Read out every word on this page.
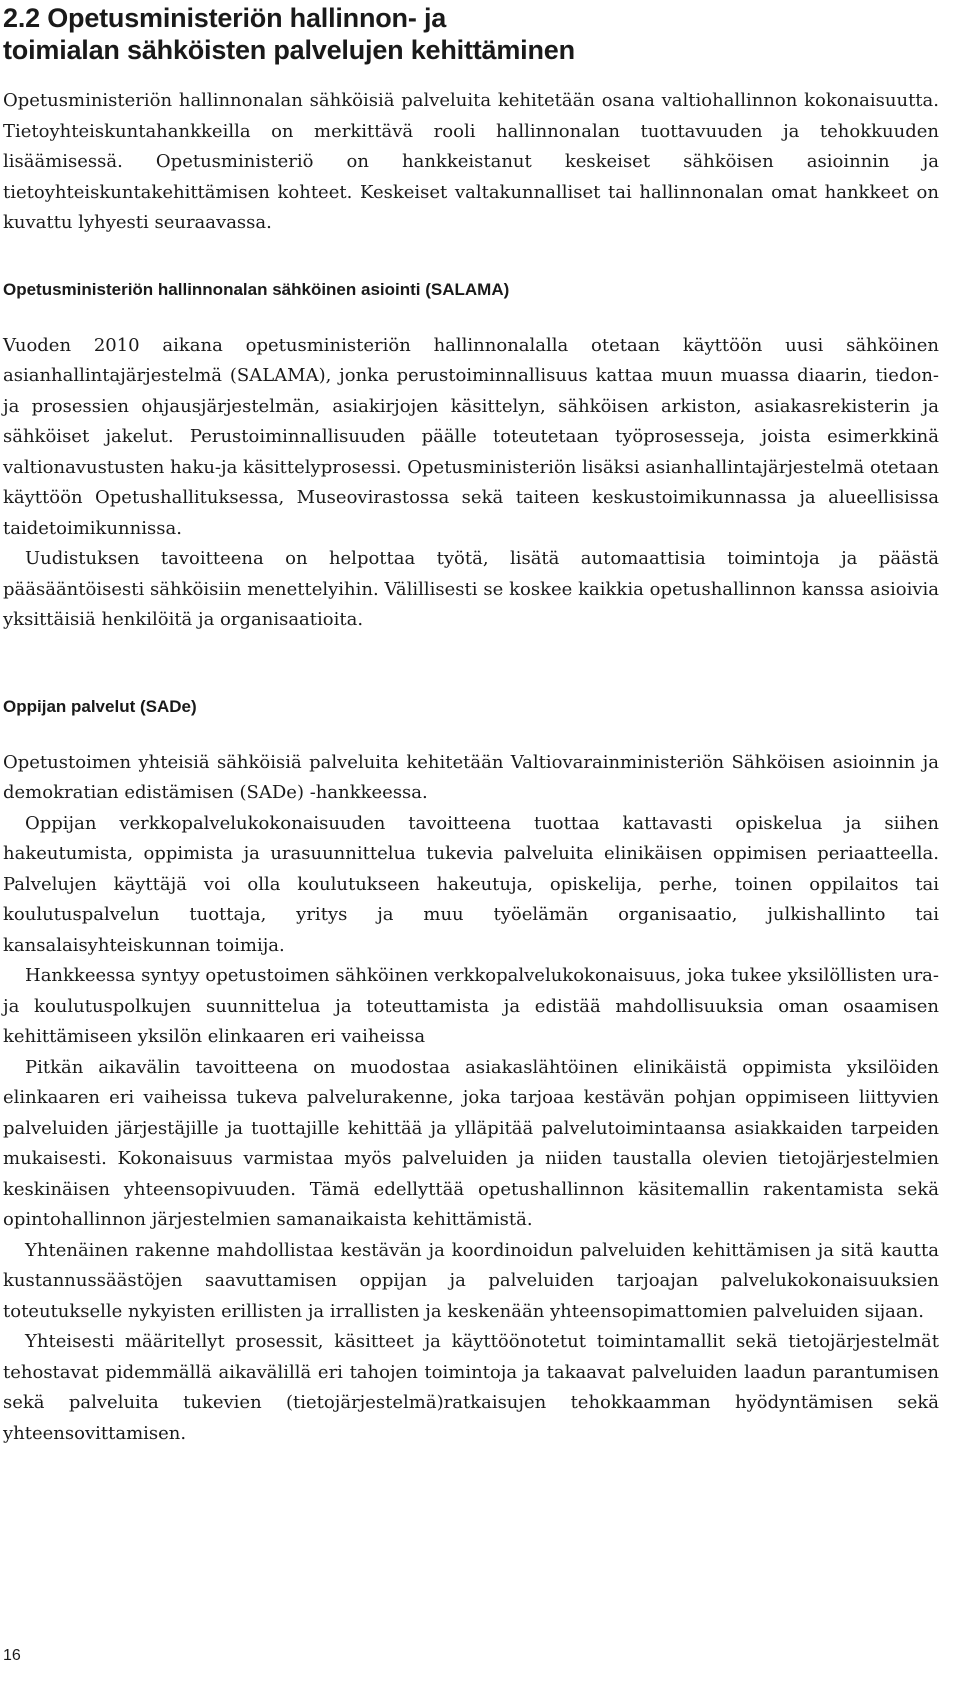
2.2 Opetusministeriön hallinnon- ja
toimialan sähköisten palvelujen kehittäminen

Opetusministeriön hallinnonalan sähköisiä palveluita kehitetään osana valtiohallinnon kokonaisuutta. Tietoyhteiskuntahankkeilla on merkittävä rooli hallinnonalan tuottavuuden ja tehokkuuden lisäämisessä. Opetusministeriö on hankkeistanut keskeiset sähköisen asioinnin ja tietoyhteiskuntakehittämisen kohteet. Keskeiset valtakunnalliset tai hallinnonalan omat hankkeet on kuvattu lyhyesti seuraavassa.

Opetusministeriön hallinnonalan sähköinen asiointi (SALAMA)

Vuoden 2010 aikana opetusministeriön hallinnonalalla otetaan käyttöön uusi sähköinen asianhallintajärjestelmä (SALAMA), jonka perustoiminnallisuus kattaa muun muassa diaarin, tiedon- ja prosessien ohjausjärjestelmän, asiakirjojen käsittelyn, sähköisen arkiston, asiakasrekisterin ja sähköiset jakelut. Perustoiminnallisuuden päälle toteutetaan työprosesseja, joista esimerkkinä valtionavustusten haku-ja käsittelyprosessi. Opetusministeriön lisäksi asianhallintajärjestelmä otetaan käyttöön Opetushallituksessa, Museovirastossa sekä taiteen keskustoimikunnassa ja alueellisissa taidetoimikunnissa.

Uudistuksen tavoitteena on helpottaa työtä, lisätä automaattisia toimintoja ja päästä pääsääntöisesti sähköisiin menettelyihin. Välillisesti se koskee kaikkia opetushallinnon kanssa asioivia yksittäisiä henkilöitä ja organisaatioita.

Oppijan palvelut (SADe)

Opetustoimen yhteisiä sähköisiä palveluita kehitetään Valtiovarainministeriön Sähköisen asioinnin ja demokratian edistämisen (SADe) -hankkeessa.

Oppijan verkkopalvelukokonaisuuden tavoitteena tuottaa kattavasti opiskelua ja siihen hakeutumista, oppimista ja urasuunnittelua tukevia palveluita elinikäisen oppimisen periaatteella. Palvelujen käyttäjä voi olla koulutukseen hakeutuja, opiskelija, perhe, toinen oppilaitos tai koulutuspalvelun tuottaja, yritys ja muu työelämän organisaatio, julkishallinto tai kansalaisyhteiskunnan toimija.

Hankkeessa syntyy opetustoimen sähköinen verkkopalvelukokonaisuus, joka tukee yksilöllisten ura- ja koulutuspolkujen suunnittelua ja toteuttamista ja edistää mahdollisuuksia oman osaamisen kehittämiseen yksilön elinkaaren eri vaiheissa

Pitkän aikavälin tavoitteena on muodostaa asiakaslähtöinen elinikäistä oppimista yksilöiden elinkaaren eri vaiheissa tukeva palvelurakenne, joka tarjoaa kestävän pohjan oppimiseen liittyvien palveluiden järjestäjille ja tuottajille kehittää ja ylläpitää palvelutoimintaansa asiakkaiden tarpeiden mukaisesti. Kokonaisuus varmistaa myös palveluiden ja niiden taustalla olevien tietojärjestelmien keskinäisen yhteensopivuuden. Tämä edellyttää opetushallinnon käsitemallin rakentamista sekä opintohallinnon järjestelmien samanaikaista kehittämistä.

Yhtenäinen rakenne mahdollistaa kestävän ja koordinoidun palveluiden kehittämisen ja sitä kautta kustannussäästöjen saavuttamisen oppijan ja palveluiden tarjoajan palvelukokonaisuuksien toteutukselle nykyisten erillisten ja irrallisten ja keskenään yhteensopimattomien palveluiden sijaan.

Yhteisesti määritellyt prosessit, käsitteet ja käyttöönotetut toimintamallit sekä tietojärjestelmät tehostavat pidemmällä aikavälillä eri tahojen toimintoja ja takaavat palveluiden laadun parantumisen sekä palveluita tukevien (tietojärjestelmä)ratkaisujen tehokkaamman hyödyntämisen sekä yhteensovittamisen.

16
